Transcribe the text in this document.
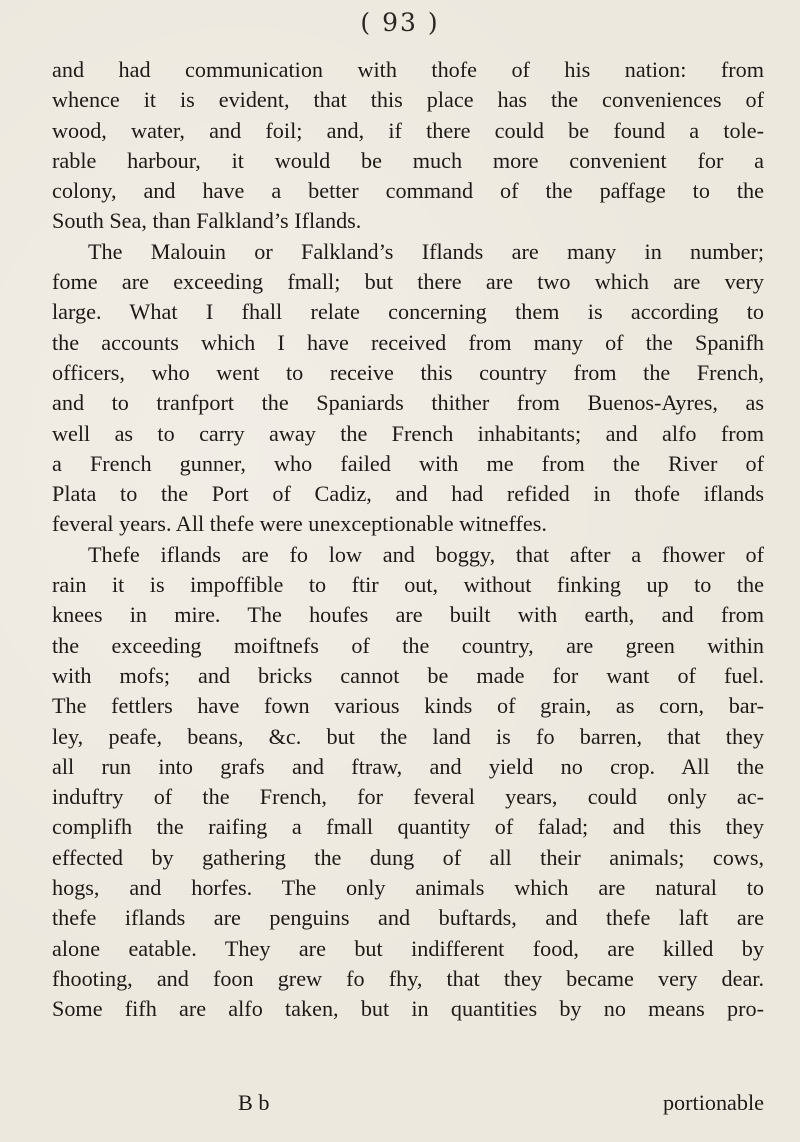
( 93 )
and had communication with thofe of his nation: from
whence it is evident, that this place has the conveniences of
wood, water, and foil; and, if there could be found a tole-
rable harbour, it would be much more convenient for a
colony, and have a better command of the paffage to the
South Sea, than Falkland’s Iflands.
The Malouin or Falkland’s Iflands are many in number;
fome are exceeding fmall; but there are two which are very
large. What I fhall relate concerning them is according to
the accounts which I have received from many of the Spanifh
officers, who went to receive this country from the French,
and to tranfport the Spaniards thither from Buenos-Ayres, as
well as to carry away the French inhabitants; and alfo from
a French gunner, who failed with me from the River of
Plata to the Port of Cadiz, and had refided in thofe iflands
feveral years. All thefe were unexceptionable witneffes.
Thefe iflands are fo low and boggy, that after a fhower of
rain it is impoffible to ftir out, without finking up to the
knees in mire. The houfes are built with earth, and from
the exceeding moiftnefs of the country, are green within
with mofs; and bricks cannot be made for want of fuel.
The fettlers have fown various kinds of grain, as corn, bar-
ley, peafe, beans, &c. but the land is fo barren, that they
all run into grafs and ftraw, and yield no crop. All the
induftry of the French, for feveral years, could only ac-
complifh the raifing a fmall quantity of falad; and this they
effected by gathering the dung of all their animals; cows,
hogs, and horfes. The only animals which are natural to
thefe iflands are penguins and buftards, and thefe laft are
alone eatable. They are but indifferent food, are killed by
fhooting, and foon grew fo fhy, that they became very dear.
Some fifh are alfo taken, but in quantities by no means pro-
B b	portionable
